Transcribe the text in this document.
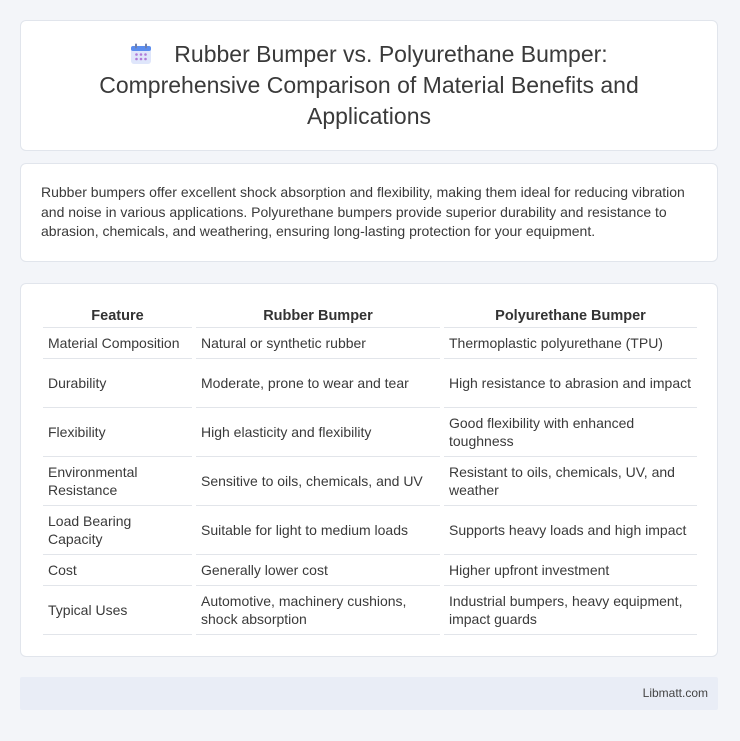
Rubber Bumper vs. Polyurethane Bumper: Comprehensive Comparison of Material Benefits and Applications

Rubber bumpers offer excellent shock absorption and flexibility, making them ideal for reducing vibration and noise in various applications. Polyurethane bumpers provide superior durability and resistance to abrasion, chemicals, and weathering, ensuring long-lasting protection for your equipment.

Feature	Rubber Bumper	Polyurethane Bumper
Material Composition	Natural or synthetic rubber	Thermoplastic polyurethane (TPU)
Durability	Moderate, prone to wear and tear	High resistance to abrasion and impact
Flexibility	High elasticity and flexibility	Good flexibility with enhanced toughness
Environmental Resistance	Sensitive to oils, chemicals, and UV	Resistant to oils, chemicals, UV, and weather
Load Bearing Capacity	Suitable for light to medium loads	Supports heavy loads and high impact
Cost	Generally lower cost	Higher upfront investment
Typical Uses	Automotive, machinery cushions, shock absorption	Industrial bumpers, heavy equipment, impact guards
Libmatt.com
